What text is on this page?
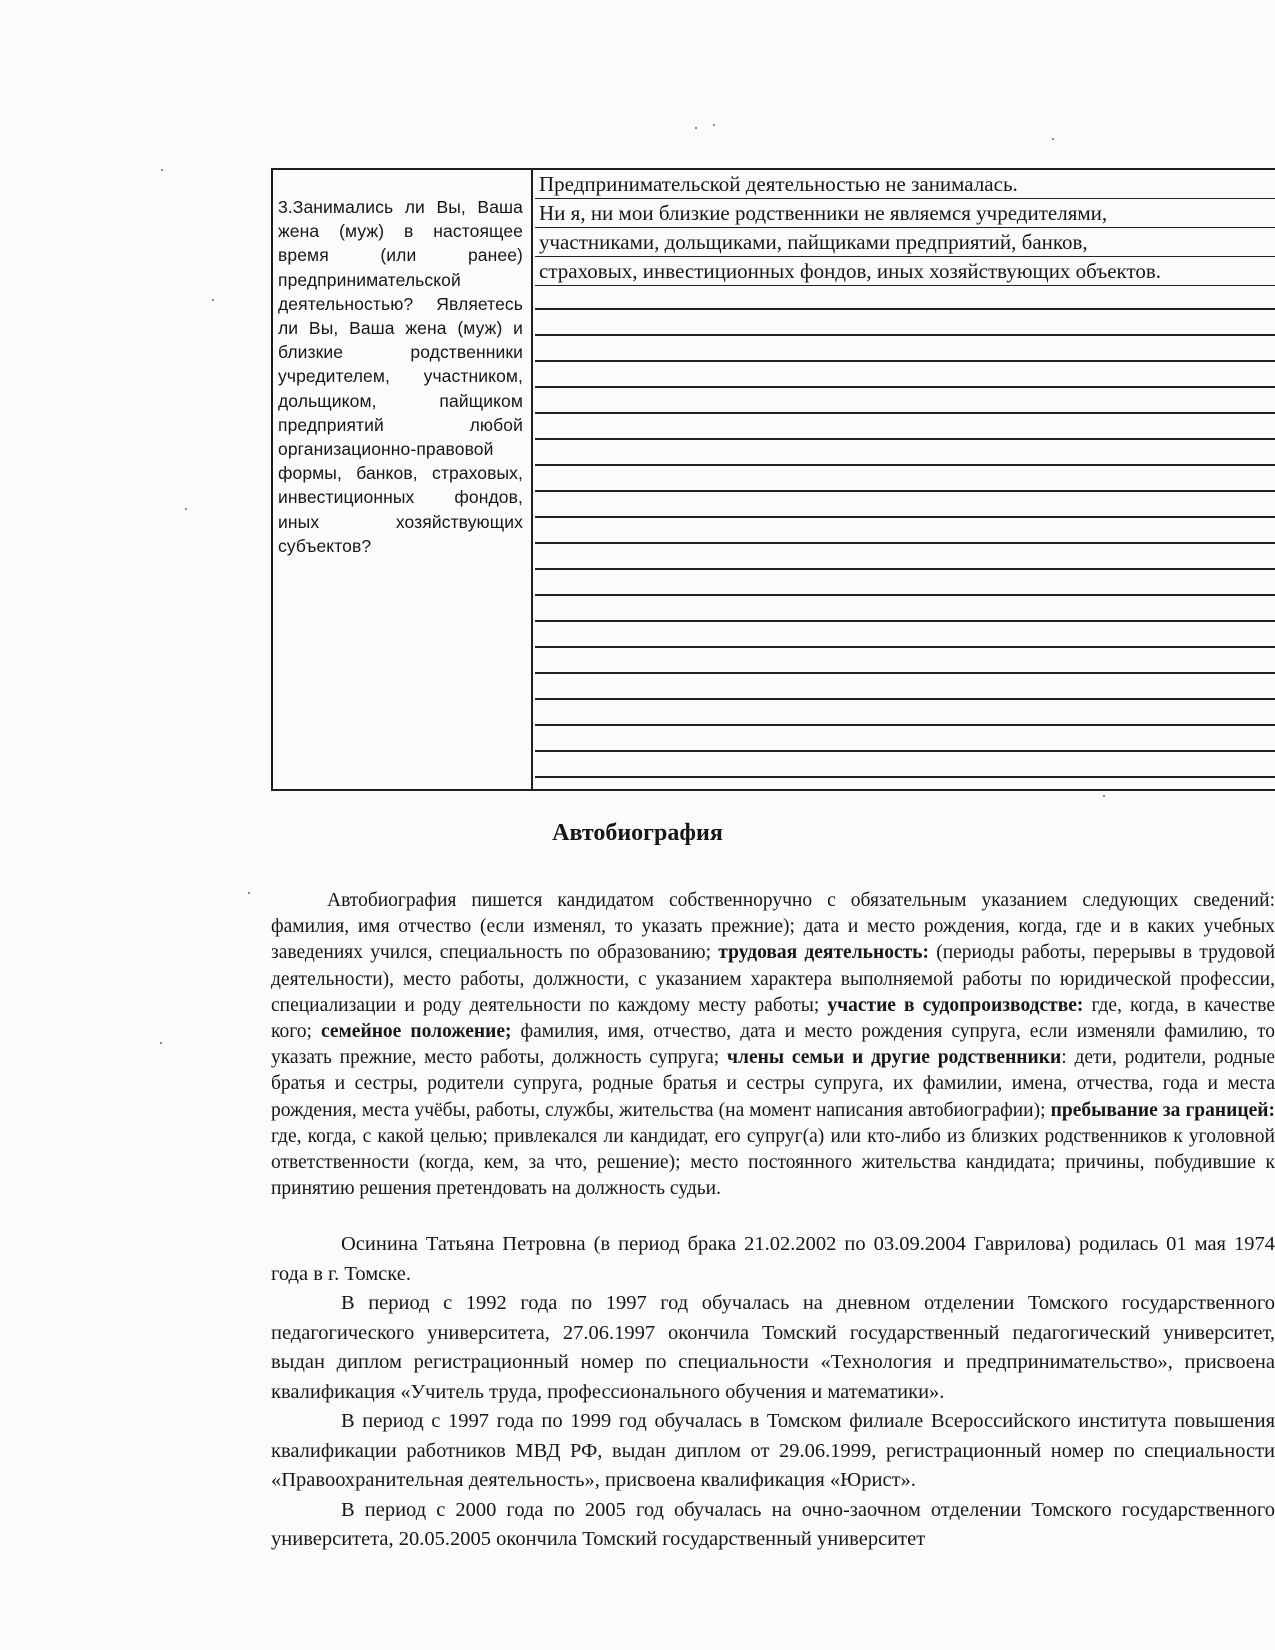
3.Занимались ли Вы, Ваша жена (муж) в настоящее время (или ранее) предпринимательской деятельностью? Являетесь ли Вы, Ваша жена (муж) и близкие родственники учредителем, участником, дольщиком, пайщиком предприятий любой организационно-правовой формы, банков, страховых, инвестиционных фондов, иных хозяйствующих субъектов?
Предпринимательской деятельностью не занималась.
Ни я, ни мои близкие родственники не являемся учредителями,
участниками, дольщиками, пайщиками предприятий, банков,
страховых, инвестиционных фондов, иных хозяйствующих объектов.
Автобиография

Автобиография пишется кандидатом собственноручно с обязательным указанием следующих сведений: фамилия, имя отчество (если изменял, то указать прежние); дата и место рождения, когда, где и в каких учебных заведениях учился, специальность по образованию; трудовая деятельность: (периоды работы, перерывы в трудовой деятельности), место работы, должности, с указанием характера выполняемой работы по юридической профессии, специализации и роду деятельности по каждому месту работы; участие в судопроизводстве: где, когда, в качестве кого; семейное положение; фамилия, имя, отчество, дата и место рождения супруга, если изменяли фамилию, то указать прежние, место работы, должность супруга; члены семьи и другие родственники: дети, родители, родные братья и сестры, родители супруга, родные братья и сестры супруга, их фамилии, имена, отчества, года и места рождения, места учёбы, работы, службы, жительства (на момент написания автобиографии); пребывание за границей: где, когда, с какой целью; привлекался ли кандидат, его супруг(а) или кто-либо из близких родственников к уголовной ответственности (когда, кем, за что, решение); место постоянного жительства кандидата; причины, побудившие к принятию решения претендовать на должность судьи.

Осинина Татьяна Петровна (в период брака 21.02.2002 по 03.09.2004 Гаврилова) родилась 01 мая 1974 года в г. Томске.

В период с 1992 года по 1997 год обучалась на дневном отделении Томского государственного педагогического университета, 27.06.1997 окончила Томский государственный педагогический университет, выдан диплом регистрационный номер по специальности «Технология и предпринимательство», присвоена квалификация «Учитель труда, профессионального обучения и математики».

В период с 1997 года по 1999 год обучалась в Томском филиале Всероссийского института повышения квалификации работников МВД РФ, выдан диплом от 29.06.1999, регистрационный номер по специальности «Правоохранительная деятельность», присвоена квалификация «Юрист».

В период с 2000 года по 2005 год обучалась на очно-заочном отделении Томского государственного университета, 20.05.2005 окончила Томский государственный университет
